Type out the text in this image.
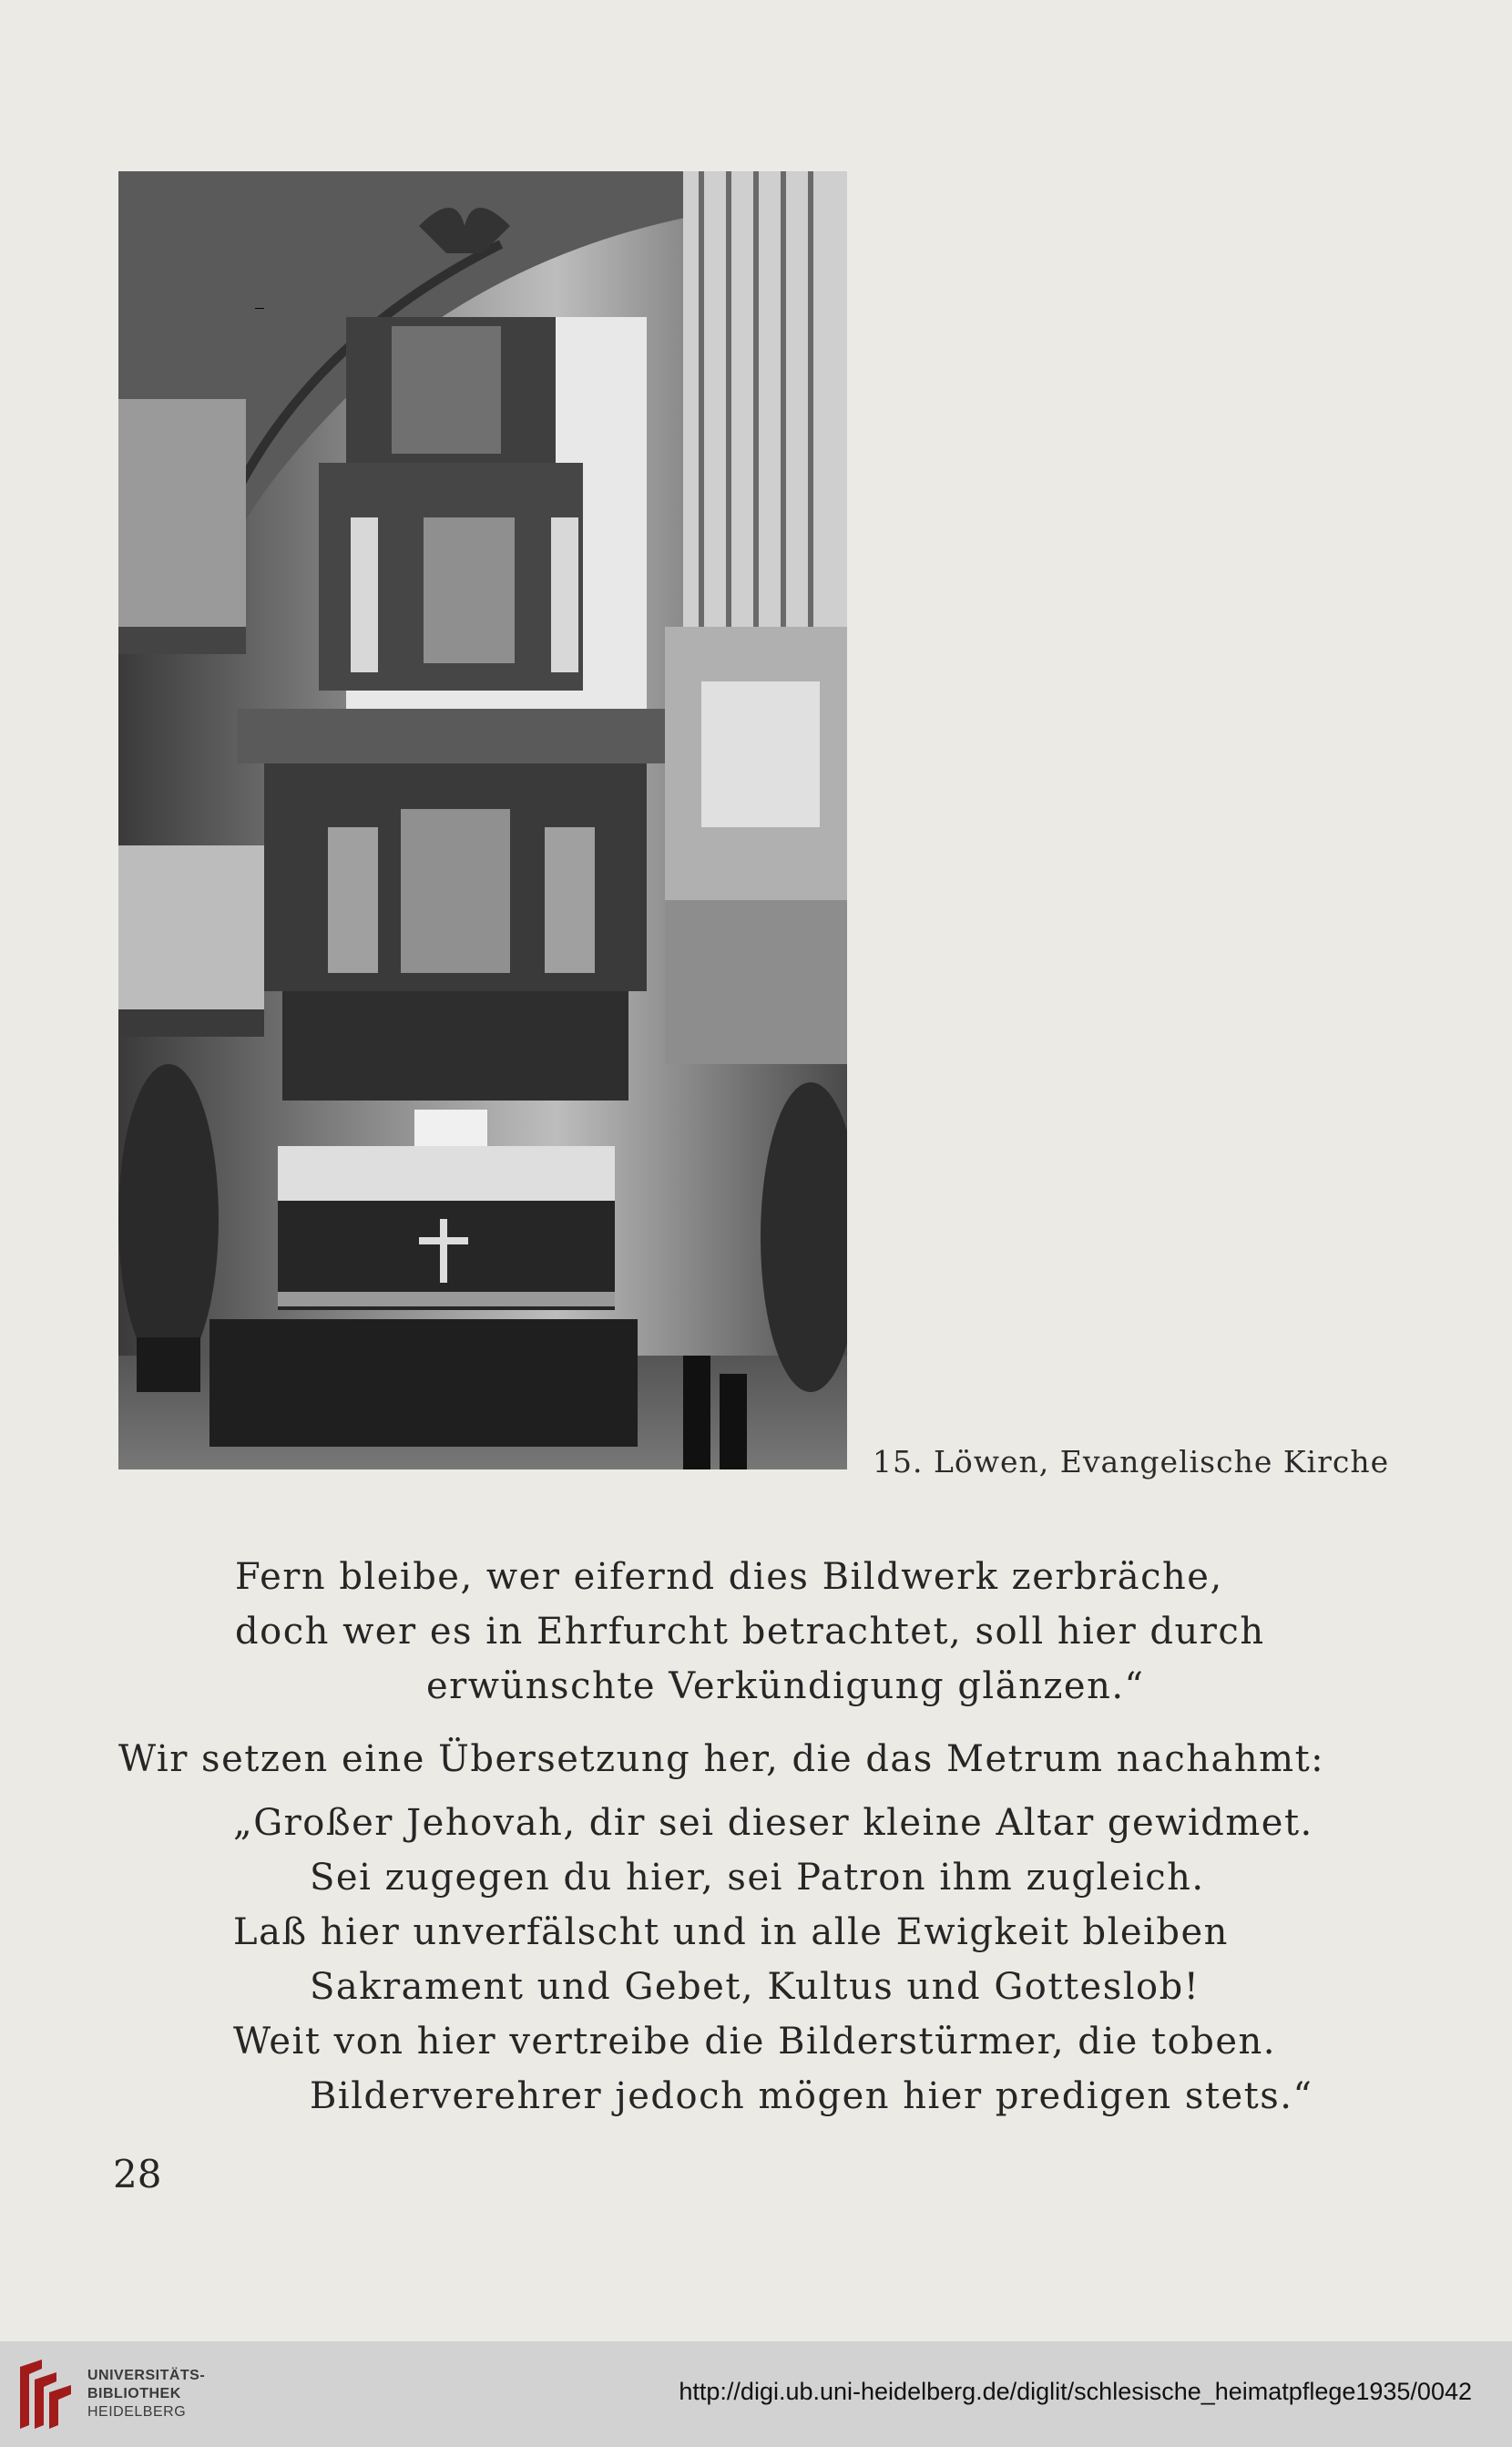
15. Löwen, Evangelische Kirche
Fern bleibe, wer eifernd dies Bildwerk zerbräche,
doch wer es in Ehrfurcht betrachtet, soll hier durch
erwünschte Verkündigung glänzen.“
Wir setzen eine Übersetzung her, die das Metrum nachahmt:
„Großer Jehovah, dir sei dieser kleine Altar gewidmet.
Sei zugegen du hier, sei Patron ihm zugleich.
Laß hier unverfälscht und in alle Ewigkeit bleiben
Sakrament und Gebet, Kultus und Gotteslob!
Weit von hier vertreibe die Bilderstürmer, die toben.
Bilderverehrer jedoch mögen hier predigen stets.“
28
UNIVERSITÄTS-
BIBLIOTHEK
HEIDELBERG
http://digi.ub.uni-heidelberg.de/diglit/schlesische_heimatpflege1935/0042
